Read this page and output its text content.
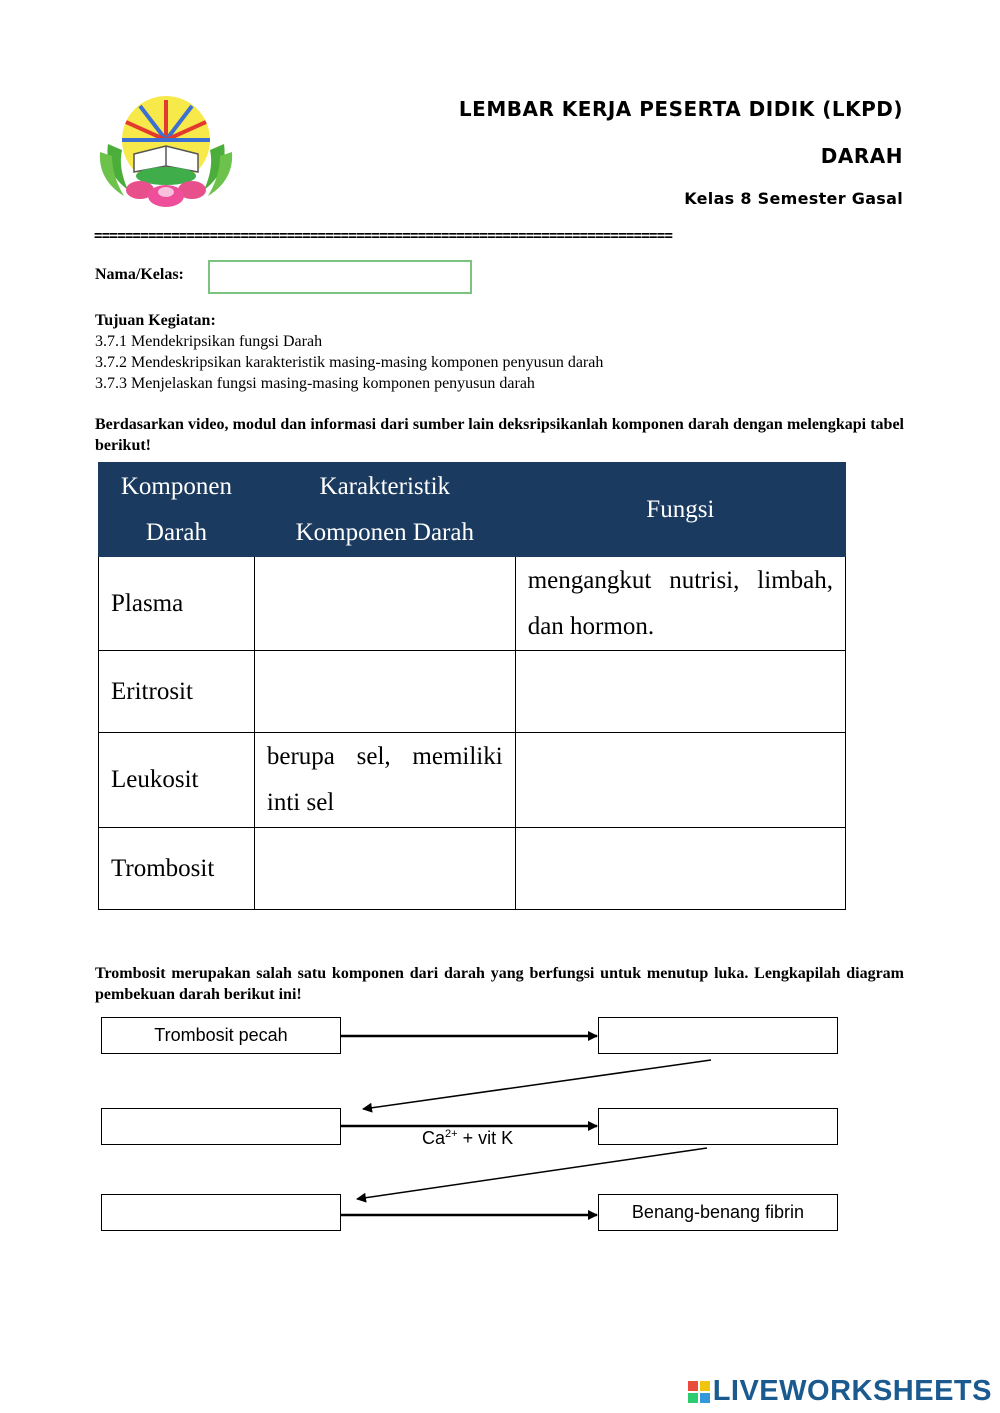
LEMBAR KERJA PESERTA DIDIK (LKPD)
DARAH
Kelas 8 Semester Gasal
===========================================================================
Nama/Kelas:
Tujuan Kegiatan:
3.7.1 Mendekripsikan fungsi Darah
3.7.2 Mendeskripsikan karakteristik masing-masing komponen penyusun darah
3.7.3 Menjelaskan fungsi masing-masing komponen penyusun darah
Berdasarkan video, modul dan informasi dari sumber lain deksripsikanlah komponen darah dengan melengkapi tabel berikut!
Komponen Darah	Karakteristik Komponen Darah	Fungsi
Plasma		mengangkut nutrisi, limbah, dan hormon.
Eritrosit		
Leukosit	berupa sel, memiliki inti sel	
Trombosit		
Trombosit merupakan salah satu komponen dari darah yang berfungsi untuk menutup luka. Lengkapilah diagram pembekuan darah berikut ini!
Trombosit pecah
Benang-benang fibrin
$Ca^{2+}$ + vit K
LIVEWORKSHEETS
